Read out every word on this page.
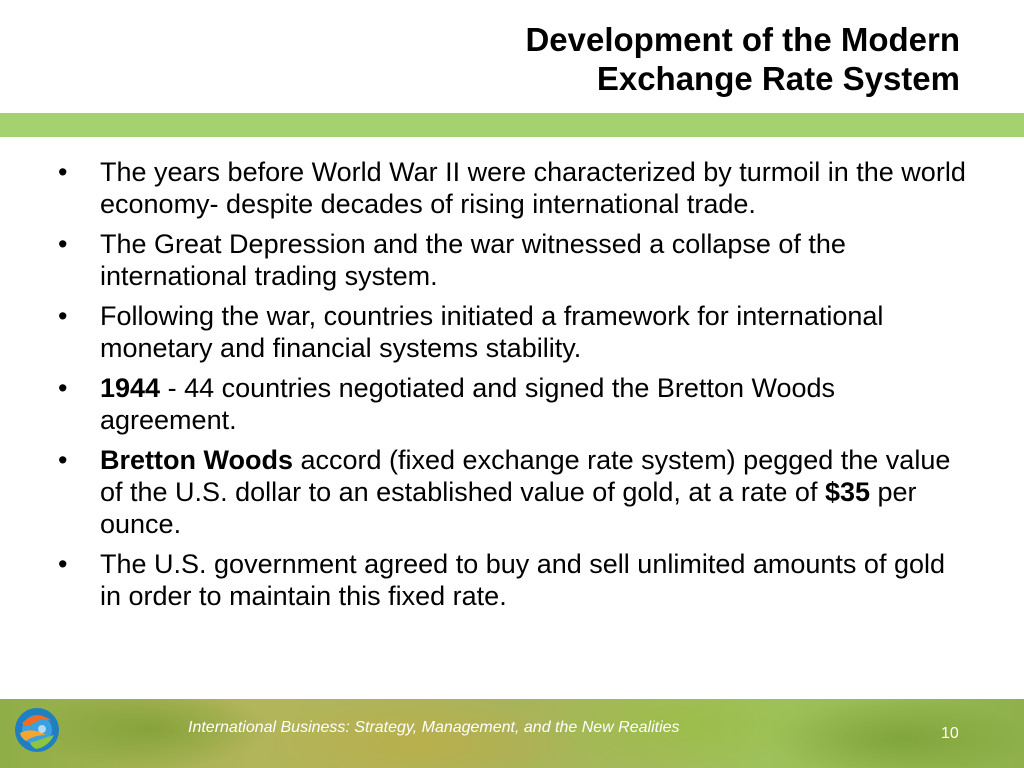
Development of the Modern
Exchange Rate System
•	The years before World War II were characterized by turmoil in the world economy- despite decades of rising international trade.
•	The Great Depression and the war witnessed a collapse of the international trading system.
•	Following the war, countries initiated a framework for international monetary and financial systems stability.
•	1944 - 44 countries negotiated and signed the Bretton Woods agreement.
•	Bretton Woods accord (fixed exchange rate system) pegged the value of the U.S. dollar to an established value of gold, at a rate of $35 per ounce.
•	The U.S. government agreed to buy and sell unlimited amounts of gold in order to maintain this fixed rate.
International Business: Strategy, Management, and the New Realities	10
